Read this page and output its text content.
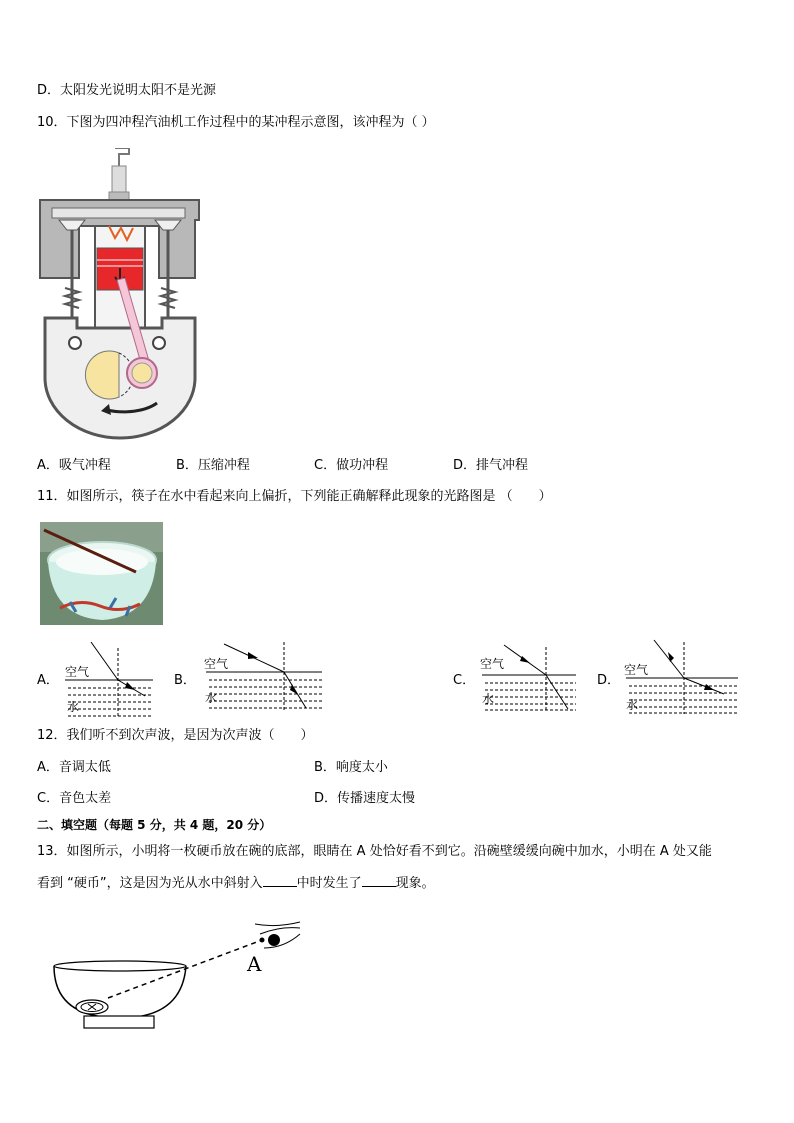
D．太阳发光说明太阳不是光源
10．下图为四冲程汽油机工作过程中的某冲程示意图，该冲程为（ ）
A．吸气冲程	B．压缩冲程	C．做功冲程	D．排气冲程
11．如图所示，筷子在水中看起来向上偏折，下列能正确解释此现象的光路图是 （　　）
A．
空气
水
B．
空气
水
C．
空气
水
D．
空气
水
12．我们听不到次声波，是因为次声波（　　）
A．音调太低	B．响度太小
C．音色太差	D．传播速度太慢
二、填空题（每题 5 分，共 4 题，20 分）
13．如图所示，小明将一枚硬币放在碗的底部，眼睛在 A 处恰好看不到它。沿碗壁缓缓向碗中加水，小明在 A 处又能
看到 “硬币”，这是因为光从水中斜射入	中时发生了	现象。
A
